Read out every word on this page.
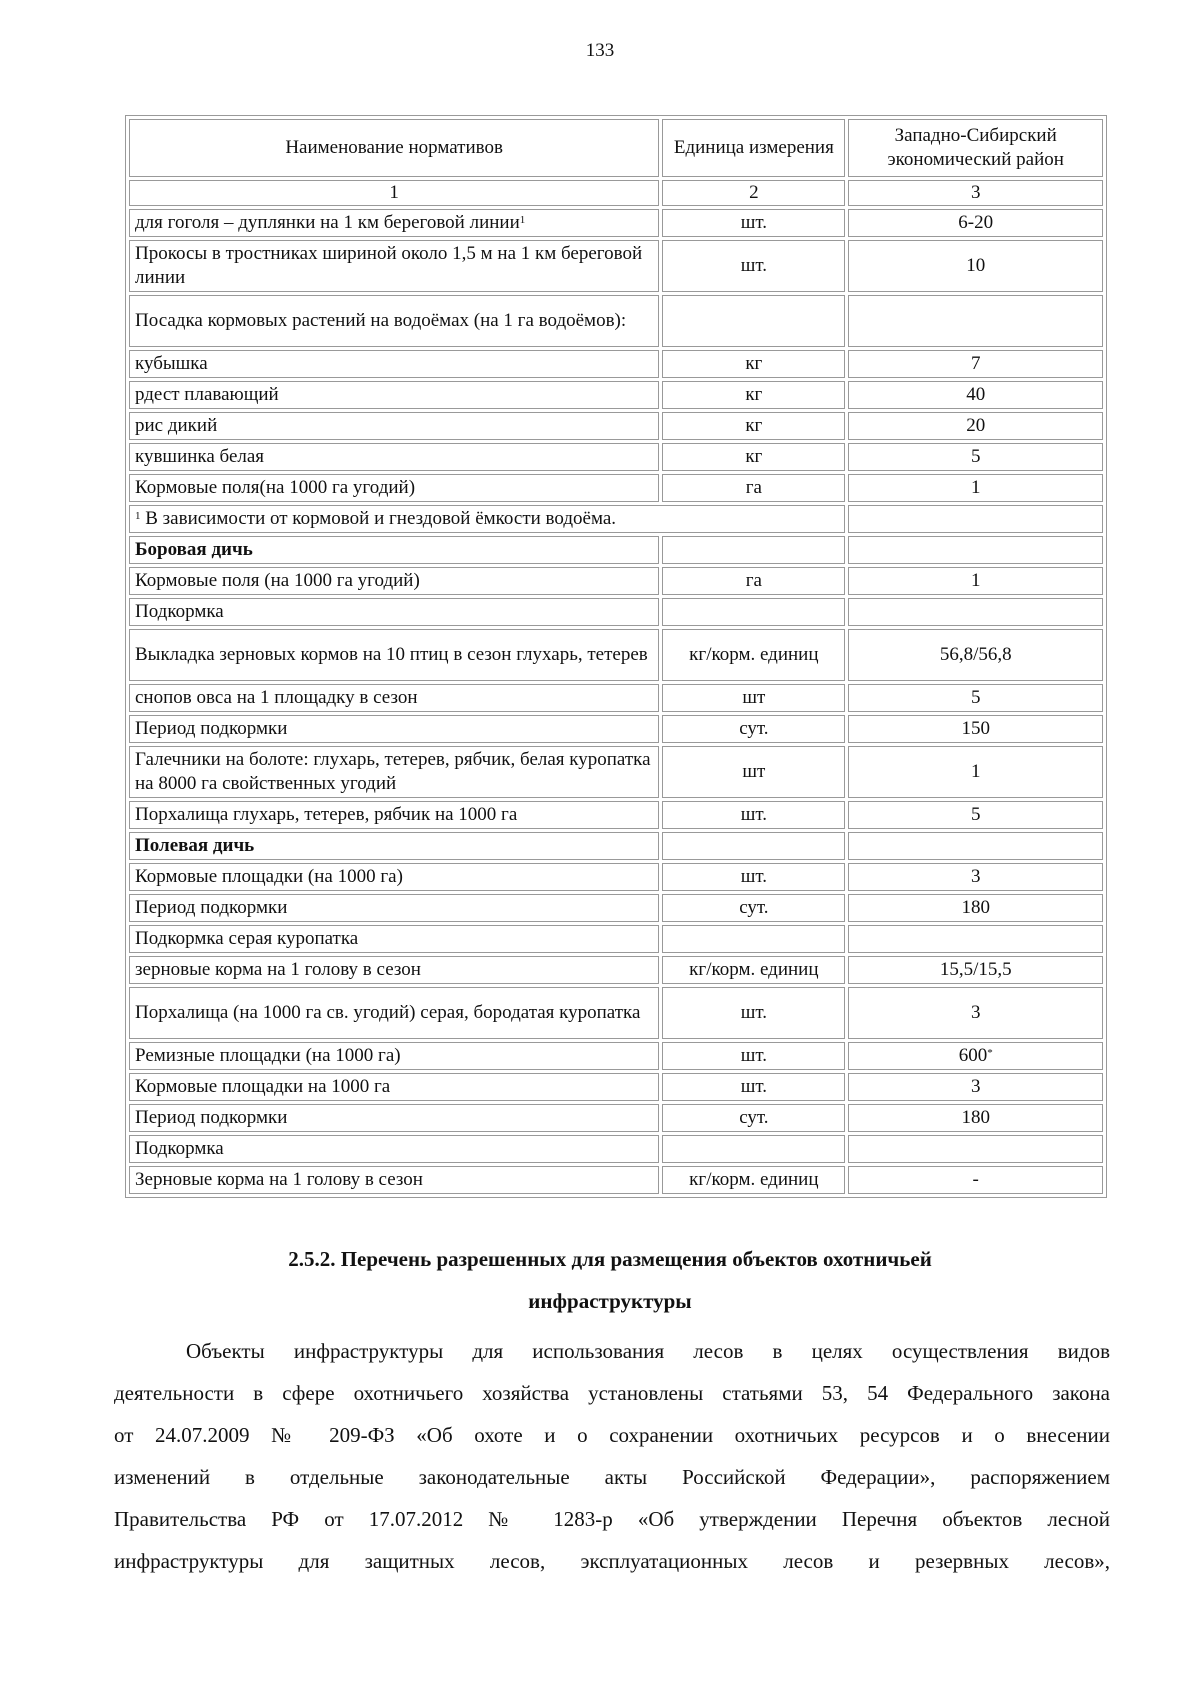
133
Наименование нормативов	Единица измерения	Западно-Сибирский экономический район
1	2	3
для гоголя – дуплянки на 1 км береговой линии$^1$	шт.	6-20
Прокосы в тростниках шириной около 1,5 м на 1 км береговой линии	шт.	10
Посадка кормовых растений на водоёмах (на 1 га водоёмов):		
кубышка	кг	7
рдест плавающий	кг	40
рис дикий	кг	20
кувшинка белая	кг	5
Кормовые поля(на 1000 га угодий)	га	1
$^1$ В зависимости от кормовой и гнездовой ёмкости водоёма.		
Боровая дичь		
Кормовые поля (на 1000 га угодий)	га	1
Подкормка		
Выкладка зерновых кормов на 10 птиц в сезон глухарь, тетерев	кг/корм. единиц	56,8/56,8
снопов овса на 1 площадку в сезон	шт	5
Период подкормки	сут.	150
Галечники на болоте: глухарь, тетерев, рябчик, белая куропатка на 8000 га свойственных угодий	шт	1
Порхалища глухарь, тетерев, рябчик на 1000 га	шт.	5
Полевая дичь		
Кормовые площадки (на 1000 га)	шт.	3
Период подкормки	сут.	180
Подкормка серая куропатка		
зерновые корма на 1 голову в сезон	кг/корм. единиц	15,5/15,5
Порхалища (на 1000 га св. угодий) серая, бородатая куропатка	шт.	3
Ремизные площадки (на 1000 га)	шт.	600*
Кормовые площадки на 1000 га	шт.	3
Период подкормки	сут.	180
Подкормка		
Зерновые корма на 1 голову в сезон	кг/корм. единиц	-
2.5.2. Перечень разрешенных для размещения объектов охотничьей
инфраструктуры
Объекты инфраструктуры для использования лесов в целях осуществления видов
деятельности в сфере охотничьего хозяйства установлены статьями 53, 54 Федерального закона
от 24.07.2009 № 209-ФЗ «Об охоте и о сохранении охотничьих ресурсов и о внесении
изменений в отдельные законодательные акты Российской Федерации», распоряжением
Правительства РФ от 17.07.2012 № 1283-р «Об утверждении Перечня объектов лесной
инфраструктуры для защитных лесов, эксплуатационных лесов и резервных лесов»,
